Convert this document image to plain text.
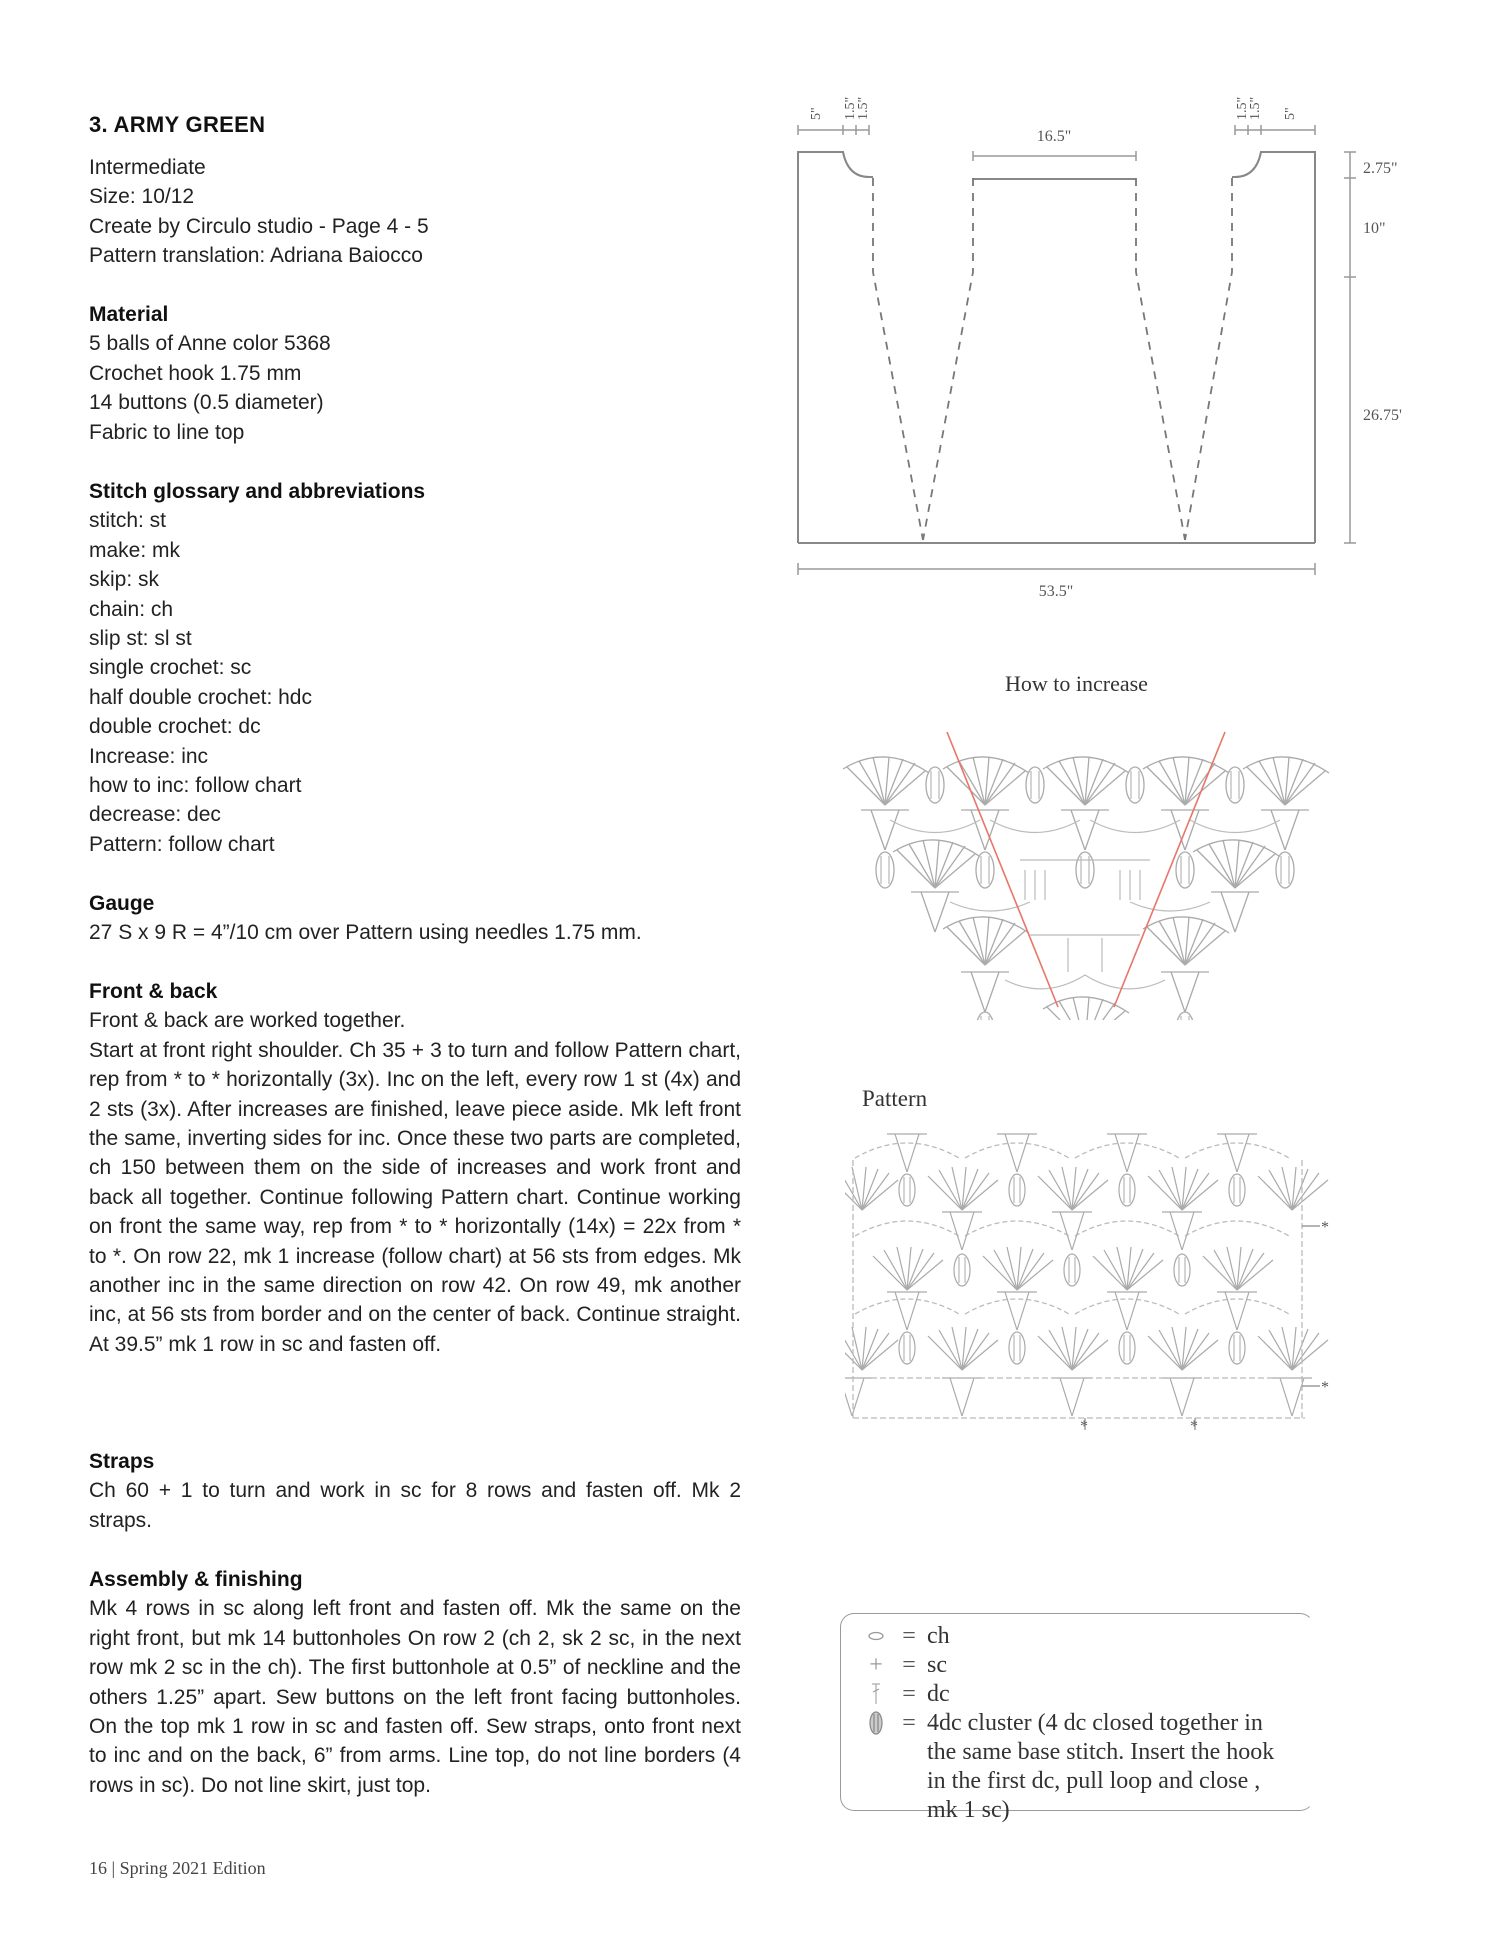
3. ARMY GREEN
Intermediate
Size: 10/12
Create by Circulo studio - Page 4 - 5
Pattern translation: Adriana Baiocco
Material
5 balls of Anne color 5368
Crochet hook 1.75 mm
14 buttons (0.5 diameter)
Fabric to line top
Stitch glossary and abbreviations
stitch: st
make: mk
skip: sk
chain: ch
slip st: sl st
single crochet: sc
half double crochet: hdc
double crochet: dc
Increase: inc
how to inc: follow chart
decrease: dec
Pattern: follow chart
Gauge
27 S x 9 R = 4”/10 cm over Pattern using needles 1.75 mm.
Front & back
Front & back are worked together.
Start at front right shoulder. Ch 35 + 3 to turn and follow Pattern chart, rep from * to * horizontally (3x). Inc on the left, every row 1 st (4x) and 2 sts (3x). After increases are finished, leave piece aside. Mk left front the same, inverting sides for inc. Once these two parts are completed, ch 150 between them on the side of increases and work front and back all together. Continue following Pattern chart. Continue working on front the same way, rep from * to * horizontally (14x) = 22x from * to *. On row 22, mk 1 increase (follow chart) at 56 sts from edges. Mk another inc in the same direction on row 42. On row 49, mk another inc, at 56 sts from border and on the center of back. Continue straight. At 39.5” mk 1 row in sc and fasten off.
Straps
Ch 60 + 1 to turn and work in sc for 8 rows and fasten off. Mk 2 straps.
Assembly & finishing
Mk 4 rows in sc along left front and fasten off. Mk the same on the right front, but mk 14 buttonholes On row 2 (ch 2, sk 2 sc, in the next row mk 2 sc in the ch). The first buttonhole at 0.5” of neckline and the others 1.25” apart. Sew buttons on the left front facing buttonholes. On the top mk 1 row in sc and fasten off. Sew straps, onto front next to inc and on the back, 6” from arms. Line top, do not line borders (4 rows in sc). Do not line skirt, just top.
16 | Spring 2021 Edition
5" 1.5"
1.5"	1.5"
1.5" 5"
16.5"
2.75"
10"
26.75'
53.5"
How to increase
Pattern
*
*
*	*
= ch
+ = sc
= dc
= 4dc cluster (4 dc closed together in the same base stitch. Insert the hook in the first dc, pull loop and close , mk 1 sc)
